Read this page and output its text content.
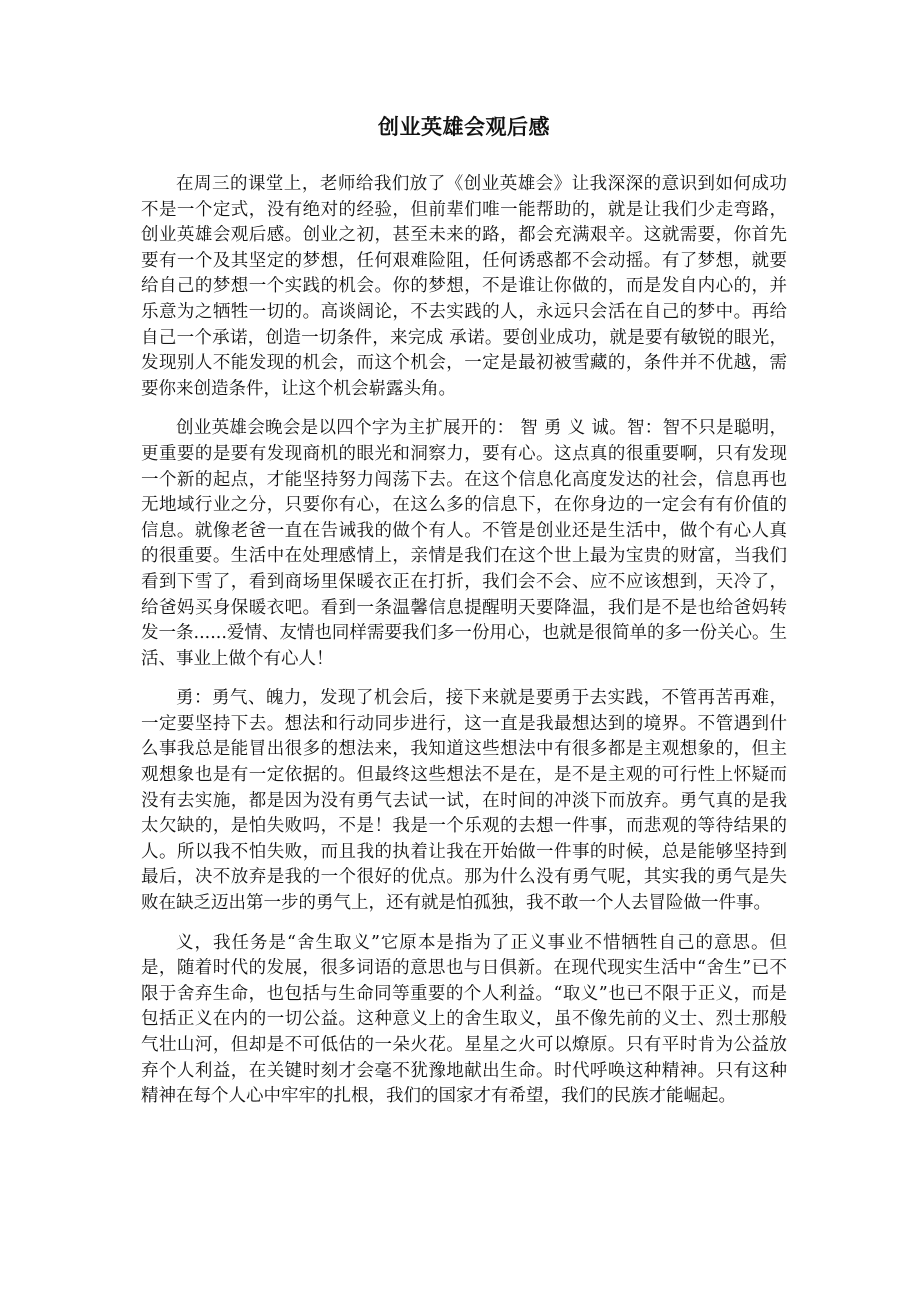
创业英雄会观后感

在周三的课堂上，老师给我们放了《创业英雄会》让我深深的意识到如何成功不是一个定式，没有绝对的经验，但前辈们唯一能帮助的，就是让我们少走弯路，创业英雄会观后感。创业之初，甚至未来的路，都会充满艰辛。这就需要，你首先要有一个及其坚定的梦想，任何艰难险阻，任何诱惑都不会动摇。有了梦想，就要给自己的梦想一个实践的机会。你的梦想，不是谁让你做的，而是发自内心的，并乐意为之牺牲一切的。高谈阔论，不去实践的人，永远只会活在自己的梦中。再给自己一个承诺，创造一切条件，来完成 承诺。要创业成功，就是要有敏锐的眼光，发现别人不能发现的机会，而这个机会，一定是最初被雪藏的，条件并不优越，需要你来创造条件，让这个机会崭露头角。

创业英雄会晚会是以四个字为主扩展开的： 智 勇 义 诚。智：智不只是聪明，更重要的是要有发现商机的眼光和洞察力，要有心。这点真的很重要啊，只有发现一个新的起点，才能坚持努力闯荡下去。在这个信息化高度发达的社会，信息再也无地域行业之分，只要你有心，在这么多的信息下，在你身边的一定会有有价值的信息。就像老爸一直在告诫我的做个有人。不管是创业还是生活中，做个有心人真的很重要。生活中在处理感情上，亲情是我们在这个世上最为宝贵的财富，当我们看到下雪了，看到商场里保暖衣正在打折，我们会不会、应不应该想到，天冷了，给爸妈买身保暖衣吧。看到一条温馨信息提醒明天要降温，我们是不是也给爸妈转发一条......爱情、友情也同样需要我们多一份用心，也就是很简单的多一份关心。生活、事业上做个有心人！

勇：勇气、魄力，发现了机会后，接下来就是要勇于去实践，不管再苦再难，一定要坚持下去。想法和行动同步进行，这一直是我最想达到的境界。不管遇到什么事我总是能冒出很多的想法来，我知道这些想法中有很多都是主观想象的，但主观想象也是有一定依据的。但最终这些想法不是在，是不是主观的可行性上怀疑而没有去实施，都是因为没有勇气去试一试，在时间的冲淡下而放弃。勇气真的是我太欠缺的，是怕失败吗，不是！我是一个乐观的去想一件事，而悲观的等待结果的人。所以我不怕失败，而且我的执着让我在开始做一件事的时候，总是能够坚持到最后，决不放弃是我的一个很好的优点。那为什么没有勇气呢，其实我的勇气是失败在缺乏迈出第一步的勇气上，还有就是怕孤独，我不敢一个人去冒险做一件事。

义，我任务是“舍生取义”它原本是指为了正义事业不惜牺牲自己的意思。但是，随着时代的发展，很多词语的意思也与日俱新。在现代现实生活中“舍生”已不限于舍弃生命，也包括与生命同等重要的个人利益。“取义”也已不限于正义，而是包括正义在内的一切公益。这种意义上的舍生取义，虽不像先前的义士、烈士那般气壮山河，但却是不可低估的一朵火花。星星之火可以燎原。只有平时肯为公益放弃个人利益，在关键时刻才会毫不犹豫地献出生命。时代呼唤这种精神。只有这种精神在每个人心中牢牢的扎根，我们的国家才有希望，我们的民族才能崛起。
